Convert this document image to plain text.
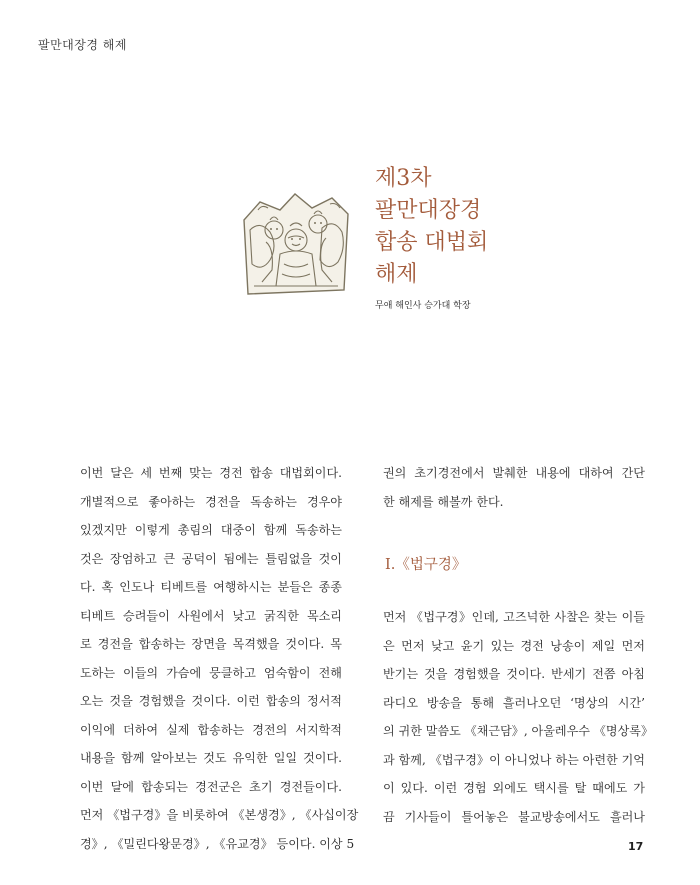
팔만대장경 해제
제3차
팔만대장경
합송 대법회
해제
무애 해인사 승가대 학장
이번 달은 세 번째 맞는 경전 합송 대법회이다.
개별적으로 좋아하는 경전을 독송하는 경우야
있겠지만 이렇게 총림의 대중이 함께 독송하는
것은 장엄하고 큰 공덕이 됨에는 틀림없을 것이
다. 혹 인도나 티베트를 여행하시는 분들은 종종
티베트 승려들이 사원에서 낮고 굵직한 목소리
로 경전을 합송하는 장면을 목격했을 것이다. 목
도하는 이들의 가슴에 뭉클하고 엄숙함이 전해
오는 것을 경험했을 것이다. 이런 합송의 정서적
이익에 더하여 실제 합송하는 경전의 서지학적
내용을 함께 알아보는 것도 유익한 일일 것이다.
이번 달에 합송되는 경전군은 초기 경전들이다.
먼저 《법구경》을 비롯하여 《본생경》, 《사십이장
경》, 《밀린다왕문경》, 《유교경》 등이다. 이상 5
권의 초기경전에서 발췌한 내용에 대하여 간단
한 해제를 해볼까 한다.
Ⅰ.《법구경》
먼저 《법구경》인데, 고즈넉한 사찰은 찾는 이들
은 먼저 낮고 윤기 있는 경전 낭송이 제일 먼저
반기는 것을 경험했을 것이다. 반세기 전쯤 아침
라디오 방송을 통해 흘러나오던 ‘명상의 시간’
의 귀한 말씀도 《채근담》, 아울레우수 《명상록》
과 함께, 《법구경》이 아니었나 하는 아련한 기억
이 있다. 이런 경험 외에도 택시를 탈 때에도 가
끔 기사들이 틀어놓은 불교방송에서도 흘러나
17
